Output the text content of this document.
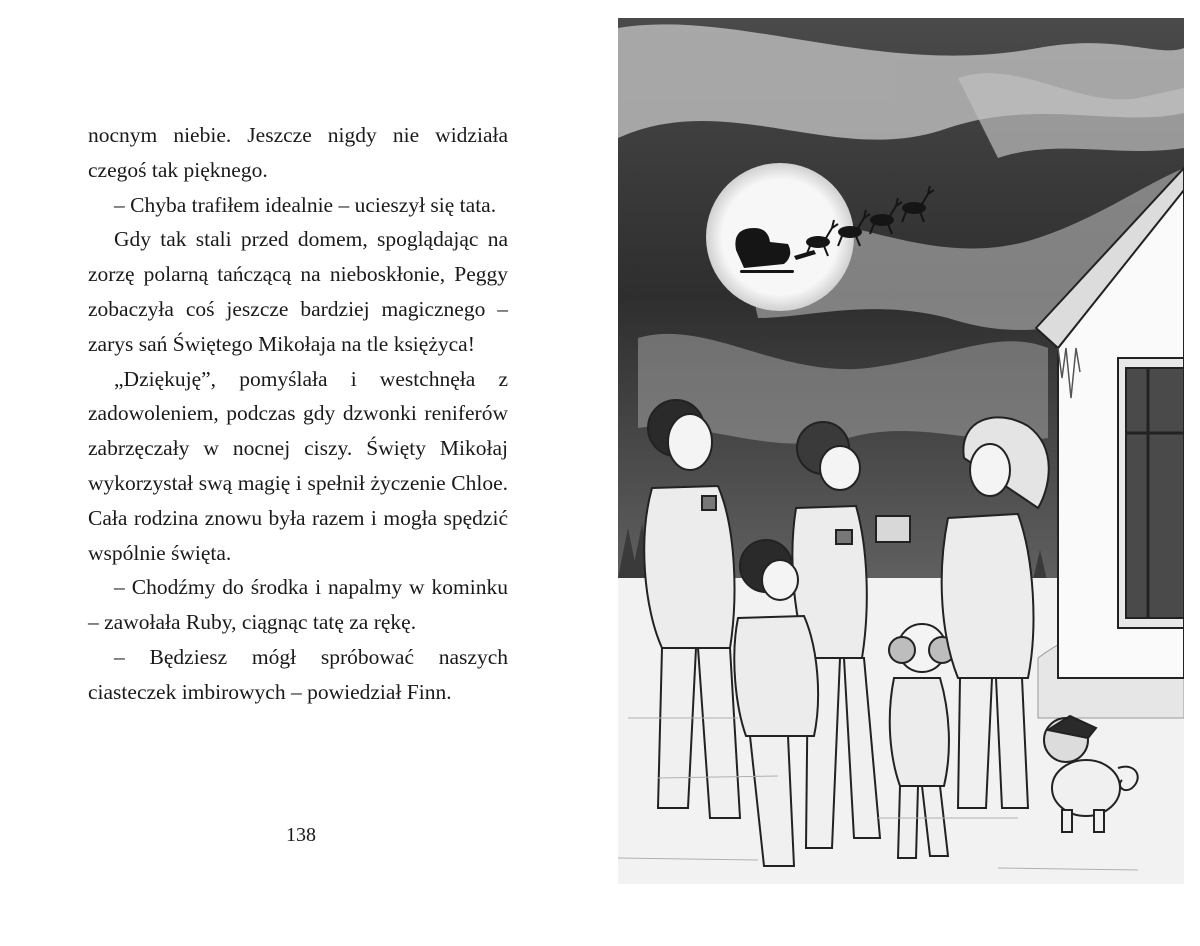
nocnym niebie. Jeszcze nigdy nie widziała czegoś tak pięknego.

– Chyba trafiłem idealnie – ucieszył się tata.

Gdy tak stali przed domem, spoglądając na zorzę polarną tańczącą na nieboskłonie, Peggy zobaczyła coś jeszcze bardziej magicznego – zarys sań Świętego Mikołaja na tle księżyca!

„Dziękuję”, pomyślała i westchnęła z zadowoleniem, podczas gdy dzwonki reniferów zabrzęczały w nocnej ciszy. Święty Mikołaj wykorzystał swą magię i spełnił życzenie Chloe. Cała rodzina znowu była razem i mogła spędzić wspólnie święta.

– Chodźmy do środka i napalmy w kominku – zawołała Ruby, ciągnąc tatę za rękę.

– Będziesz mógł spróbować naszych ciasteczek imbirowych – powiedział Finn.

138
